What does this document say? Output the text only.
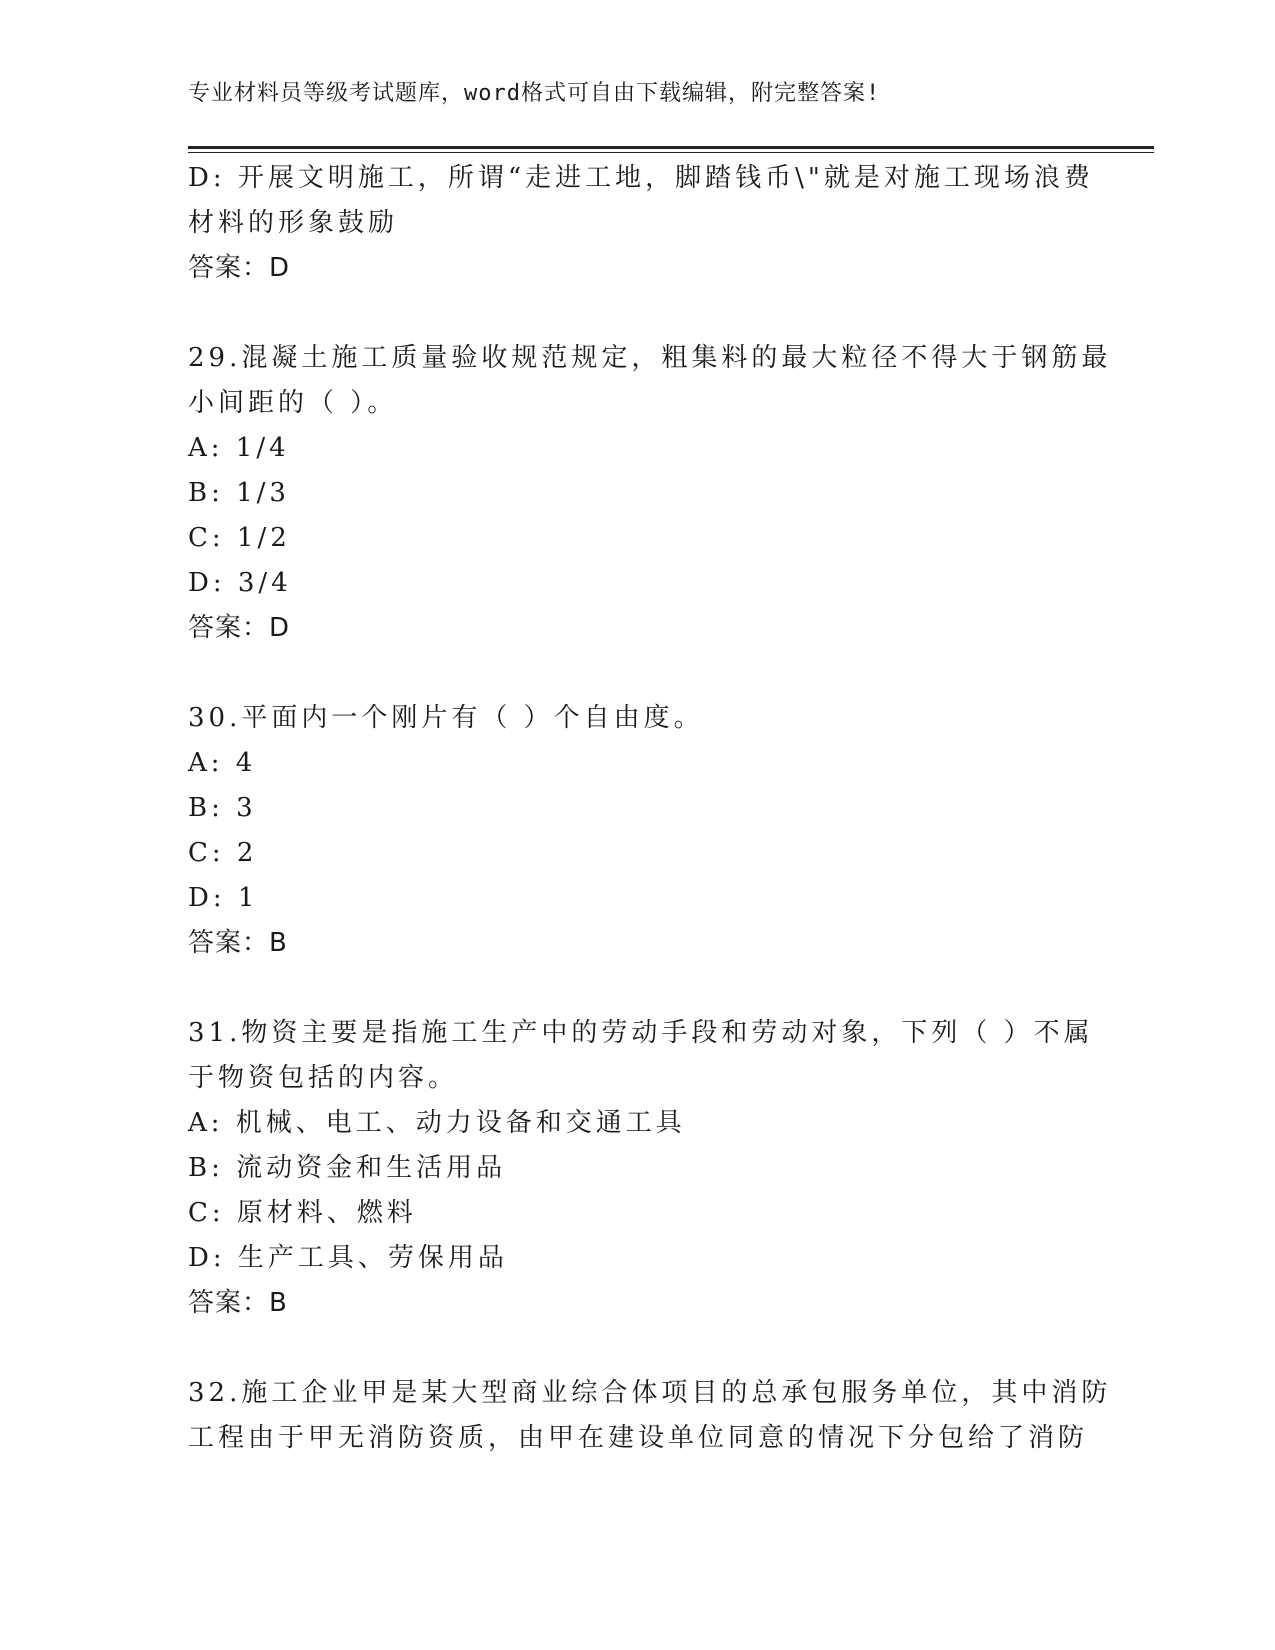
专业材料员等级考试题库，word格式可自由下载编辑，附完整答案!
D: 开展文明施工，所谓“走进工地，脚踏钱币\"就是对施工现场浪费
材料的形象鼓励
答案：D
29.混凝土施工质量验收规范规定，粗集料的最大粒径不得大于钢筋最
小间距的（ ）。
A: 1/4
B: 1/3
C: 1/2
D: 3/4
答案：D
30.平面内一个刚片有（ ）个自由度。
A: 4
B: 3
C: 2
D: 1
答案：B
31.物资主要是指施工生产中的劳动手段和劳动对象，下列（ ）不属
于物资包括的内容。
A: 机械、电工、动力设备和交通工具
B: 流动资金和生活用品
C: 原材料、燃料
D: 生产工具、劳保用品
答案：B
32.施工企业甲是某大型商业综合体项目的总承包服务单位，其中消防
工程由于甲无消防资质，由甲在建设单位同意的情况下分包给了消防
